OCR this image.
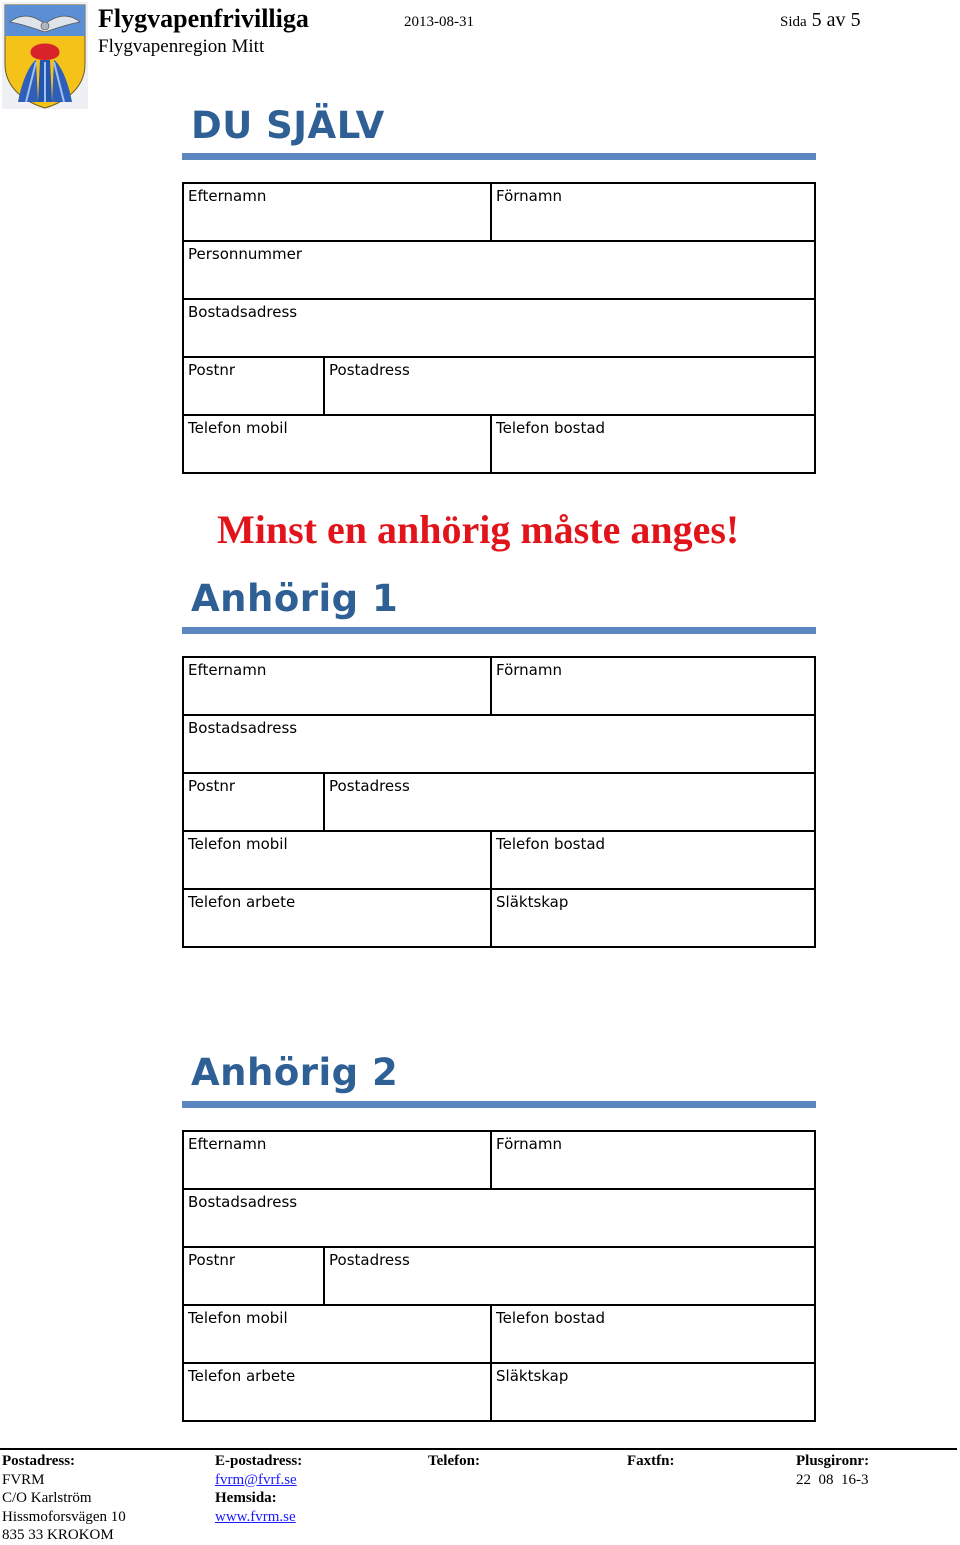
Flygvapenfrivilliga
Flygvapenregion Mitt
2013-08-31	Sida 5 av 5
DU SJÄLV
Efternamn	Förnamn
Personnummer
Bostadsadress
Postnr	Postadress
Telefon mobil	Telefon bostad
Minst en anhörig måste anges!
Anhörig 1
Efternamn	Förnamn
Bostadsadress
Postnr	Postadress
Telefon mobil	Telefon bostad
Telefon arbete	Släktskap
Anhörig 2
Efternamn	Förnamn
Bostadsadress
Postnr	Postadress
Telefon mobil	Telefon bostad
Telefon arbete	Släktskap
Postadress:
FVRM
C/O Karlström
Hissmoforsvägen 10
835 33 KROKOM
E-postadress:
fvrm@fvrf.se
Hemsida:
www.fvrm.se
Telefon:	Faxtfn:	Plusgironr:
22  08  16-3
